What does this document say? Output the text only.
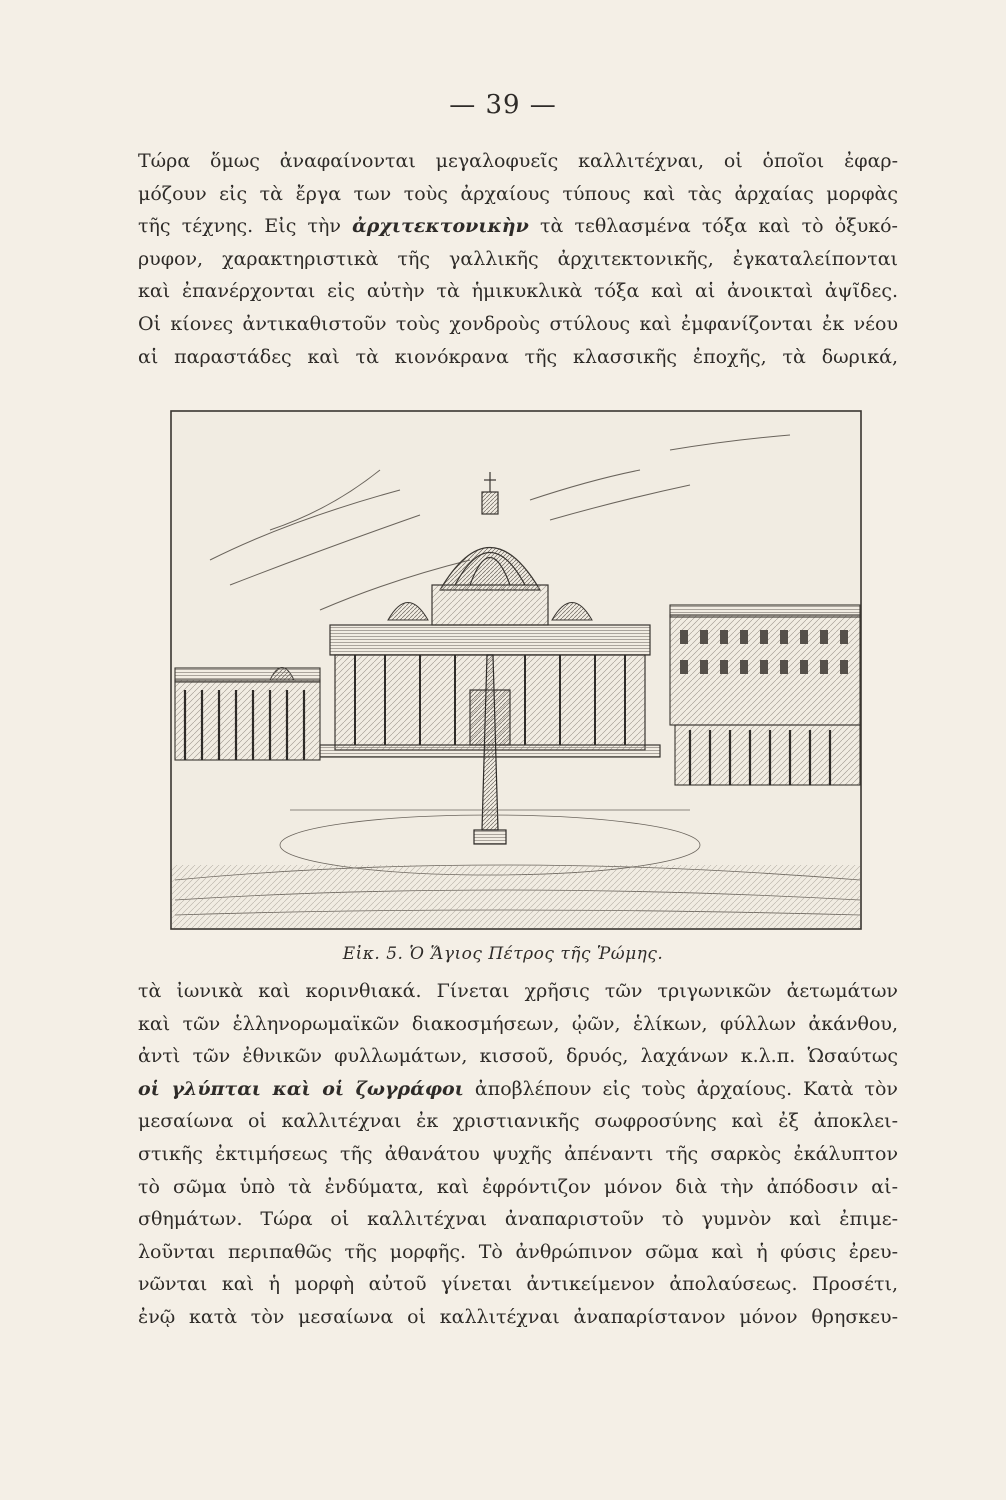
— 39 —
Τώρα ὅμως ἀναφαίνονται μεγαλοφυεῖς καλλιτέχναι, οἱ ὁποῖοι ἐφαρ-
μόζουν εἰς τὰ ἔργα των τοὺς ἀρχαίους τύπους καὶ τὰς ἀρχαίας μορφὰς
τῆς τέχνης. Εἰς τὴν ἀρχιτεκτονικὴν τὰ τεθλασμένα τόξα καὶ τὸ ὀξυκό-
ρυφον, χαρακτηριστικὰ τῆς γαλλικῆς ἀρχιτεκτονικῆς, ἐγκαταλείπονται
καὶ ἐπανέρχονται εἰς αὐτὴν τὰ ἡμικυκλικὰ τόξα καὶ αἱ ἀνοικταὶ ἀψῖδες.
Οἱ κίονες ἀντικαθιστοῦν τοὺς χονδροὺς στύλους καὶ ἐμφανίζονται ἐκ νέου
αἱ παραστάδες καὶ τὰ κιονόκρανα τῆς κλασσικῆς ἐποχῆς, τὰ δωρικά,
Εἰκ. 5. Ὁ Ἅγιος Πέτρος τῆς Ῥώμης.
τὰ ἰωνικὰ καὶ κορινθιακά. Γίνεται χρῆσις τῶν τριγωνικῶν ἀετωμάτων
καὶ τῶν ἑλληνορωμαϊκῶν διακοσμήσεων, ᾠῶν, ἑλίκων, φύλλων ἀκάνθου,
ἀντὶ τῶν ἐθνικῶν φυλλωμάτων, κισσοῦ, δρυός, λαχάνων κ.λ.π. Ὡσαύτως
οἱ γλύπται καὶ οἱ ζωγράφοι ἀποβλέπουν εἰς τοὺς ἀρχαίους. Κατὰ τὸν
μεσαίωνα οἱ καλλιτέχναι ἐκ χριστιανικῆς σωφροσύνης καὶ ἐξ ἀποκλει-
στικῆς ἐκτιμήσεως τῆς ἀθανάτου ψυχῆς ἀπέναντι τῆς σαρκὸς ἐκάλυπτον
τὸ σῶμα ὑπὸ τὰ ἐνδύματα, καὶ ἐφρόντιζον μόνον διὰ τὴν ἀπόδοσιν αἰ-
σθημάτων. Τώρα οἱ καλλιτέχναι ἀναπαριστοῦν τὸ γυμνὸν καὶ ἐπιμε-
λοῦνται περιπαθῶς τῆς μορφῆς. Τὸ ἀνθρώπινον σῶμα καὶ ἡ φύσις ἐρευ-
νῶνται καὶ ἡ μορφὴ αὐτοῦ γίνεται ἀντικείμενον ἀπολαύσεως. Προσέτι,
ἐνῷ κατὰ τὸν μεσαίωνα οἱ καλλιτέχναι ἀναπαρίστανον μόνον θρησκευ-
